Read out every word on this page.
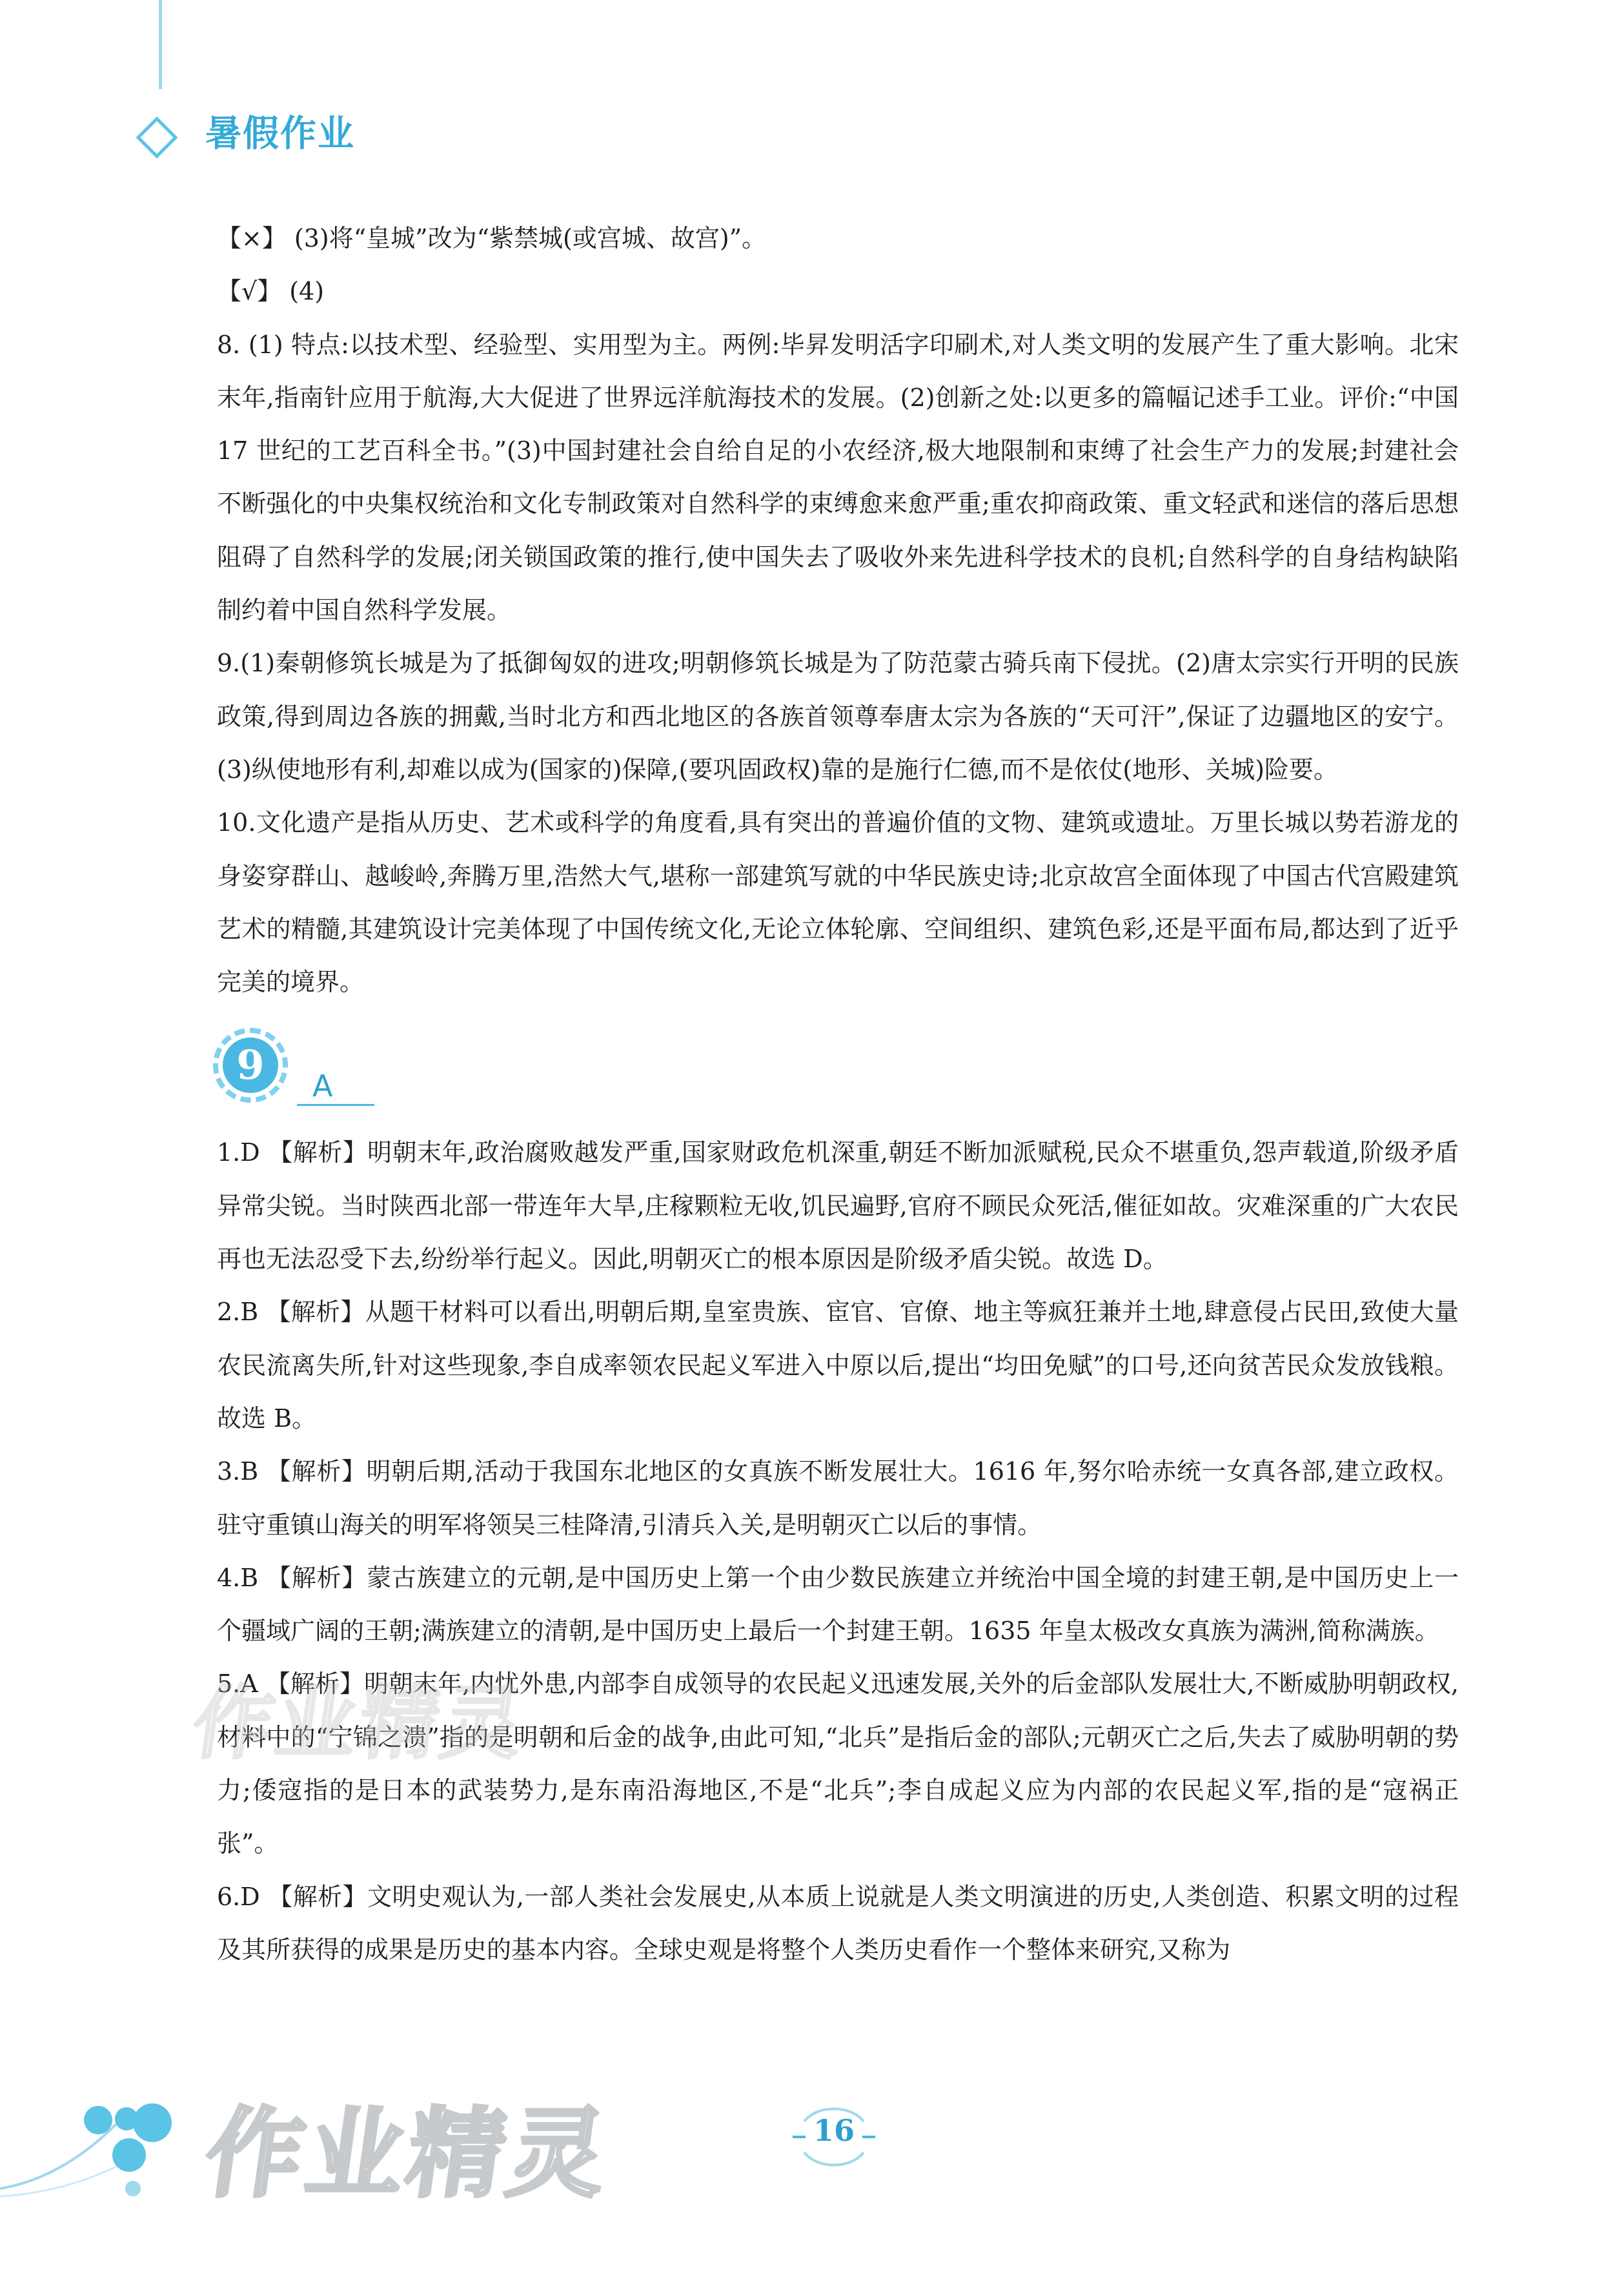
暑假作业

【×】 (3)将“皇城”改为“紫禁城(或宫城、故宫)”。

【√】 (4)

8. (1) 特点:以技术型、经验型、实用型为主。两例:毕昇发明活字印刷术,对人类文明的发展产生了重大影响。北宋末年,指南针应用于航海,大大促进了世界远洋航海技术的发展。(2)创新之处:以更多的篇幅记述手工业。评价:“中国 17 世纪的工艺百科全书。”(3)中国封建社会自给自足的小农经济,极大地限制和束缚了社会生产力的发展;封建社会不断强化的中央集权统治和文化专制政策对自然科学的束缚愈来愈严重;重农抑商政策、重文轻武和迷信的落后思想阻碍了自然科学的发展;闭关锁国政策的推行,使中国失去了吸收外来先进科学技术的良机;自然科学的自身结构缺陷制约着中国自然科学发展。

9.(1)秦朝修筑长城是为了抵御匈奴的进攻;明朝修筑长城是为了防范蒙古骑兵南下侵扰。(2)唐太宗实行开明的民族政策,得到周边各族的拥戴,当时北方和西北地区的各族首领尊奉唐太宗为各族的“天可汗”,保证了边疆地区的安宁。(3)纵使地形有利,却难以成为(国家的)保障,(要巩固政权)靠的是施行仁德,而不是依仗(地形、关城)险要。

10.文化遗产是指从历史、艺术或科学的角度看,具有突出的普遍价值的文物、建筑或遗址。万里长城以势若游龙的身姿穿群山、越峻岭,奔腾万里,浩然大气,堪称一部建筑写就的中华民族史诗;北京故宫全面体现了中国古代宫殿建筑艺术的精髓,其建筑设计完美体现了中国传统文化,无论立体轮廓、空间组织、建筑色彩,还是平面布局,都达到了近乎完美的境界。

9	A

1.D 【解析】明朝末年,政治腐败越发严重,国家财政危机深重,朝廷不断加派赋税,民众不堪重负,怨声载道,阶级矛盾异常尖锐。当时陕西北部一带连年大旱,庄稼颗粒无收,饥民遍野,官府不顾民众死活,催征如故。灾难深重的广大农民再也无法忍受下去,纷纷举行起义。因此,明朝灭亡的根本原因是阶级矛盾尖锐。故选 D。

2.B 【解析】从题干材料可以看出,明朝后期,皇室贵族、宦官、官僚、地主等疯狂兼并土地,肆意侵占民田,致使大量农民流离失所,针对这些现象,李自成率领农民起义军进入中原以后,提出“均田免赋”的口号,还向贫苦民众发放钱粮。故选 B。

3.B 【解析】明朝后期,活动于我国东北地区的女真族不断发展壮大。1616 年,努尔哈赤统一女真各部,建立政权。驻守重镇山海关的明军将领吴三桂降清,引清兵入关,是明朝灭亡以后的事情。

4.B 【解析】蒙古族建立的元朝,是中国历史上第一个由少数民族建立并统治中国全境的封建王朝,是中国历史上一个疆域广阔的王朝;满族建立的清朝,是中国历史上最后一个封建王朝。1635 年皇太极改女真族为满洲,简称满族。

5.A 【解析】明朝末年,内忧外患,内部李自成领导的农民起义迅速发展,关外的后金部队发展壮大,不断威胁明朝政权,材料中的“宁锦之溃”指的是明朝和后金的战争,由此可知,“北兵”是指后金的部队;元朝灭亡之后,失去了威胁明朝的势力;倭寇指的是日本的武装势力,是东南沿海地区,不是“北兵”;李自成起义应为内部的农民起义军,指的是“寇祸正张”。

6.D 【解析】文明史观认为,一部人类社会发展史,从本质上说就是人类文明演进的历史,人类创造、积累文明的过程及其所获得的成果是历史的基本内容。全球史观是将整个人类历史看作一个整体来研究,又称为

作业精灵
作业精灵	16
